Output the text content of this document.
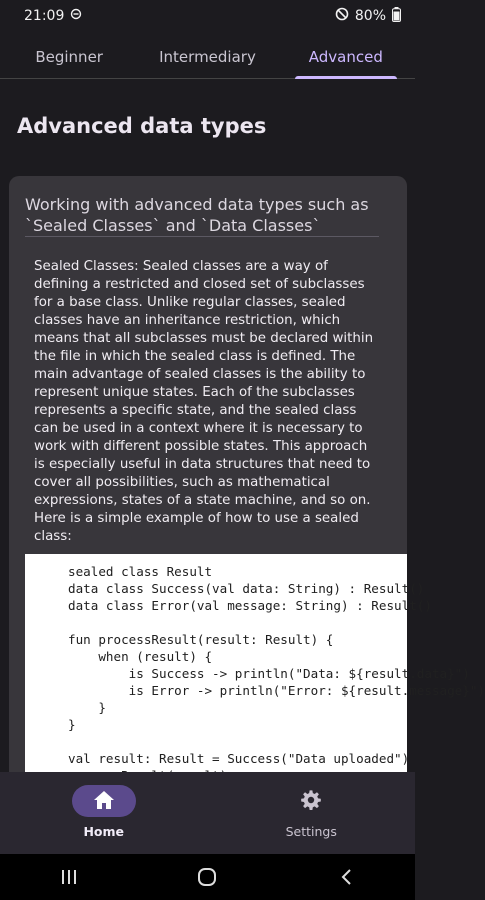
21:09	80%
Beginner	Intermediary	Advanced
Advanced data types
Working with advanced data types such as `Sealed Classes` and `Data Classes`
Sealed Classes: Sealed classes are a way of defining a restricted and closed set of subclasses for a base class. Unlike regular classes, sealed classes have an inheritance restriction, which means that all subclasses must be declared within the file in which the sealed class is defined. The main advantage of sealed classes is the ability to represent unique states. Each of the subclasses represents a specific state, and the sealed class can be used in a context where it is necessary to work with different possible states. This approach is especially useful in data structures that need to cover all possibilities, such as mathematical expressions, states of a state machine, and so on. Here is a simple example of how to use a sealed class:
sealed class Result
data class Success(val data: String) : Result()
data class Error(val message: String) : Result()

fun processResult(result: Result) {
when (result) {
is Success -> println("Data: ${result.data}")
is Error -> println("Error: ${result.message}")
}
}

val result: Result = Success("Data uploaded")

Home	Settings
